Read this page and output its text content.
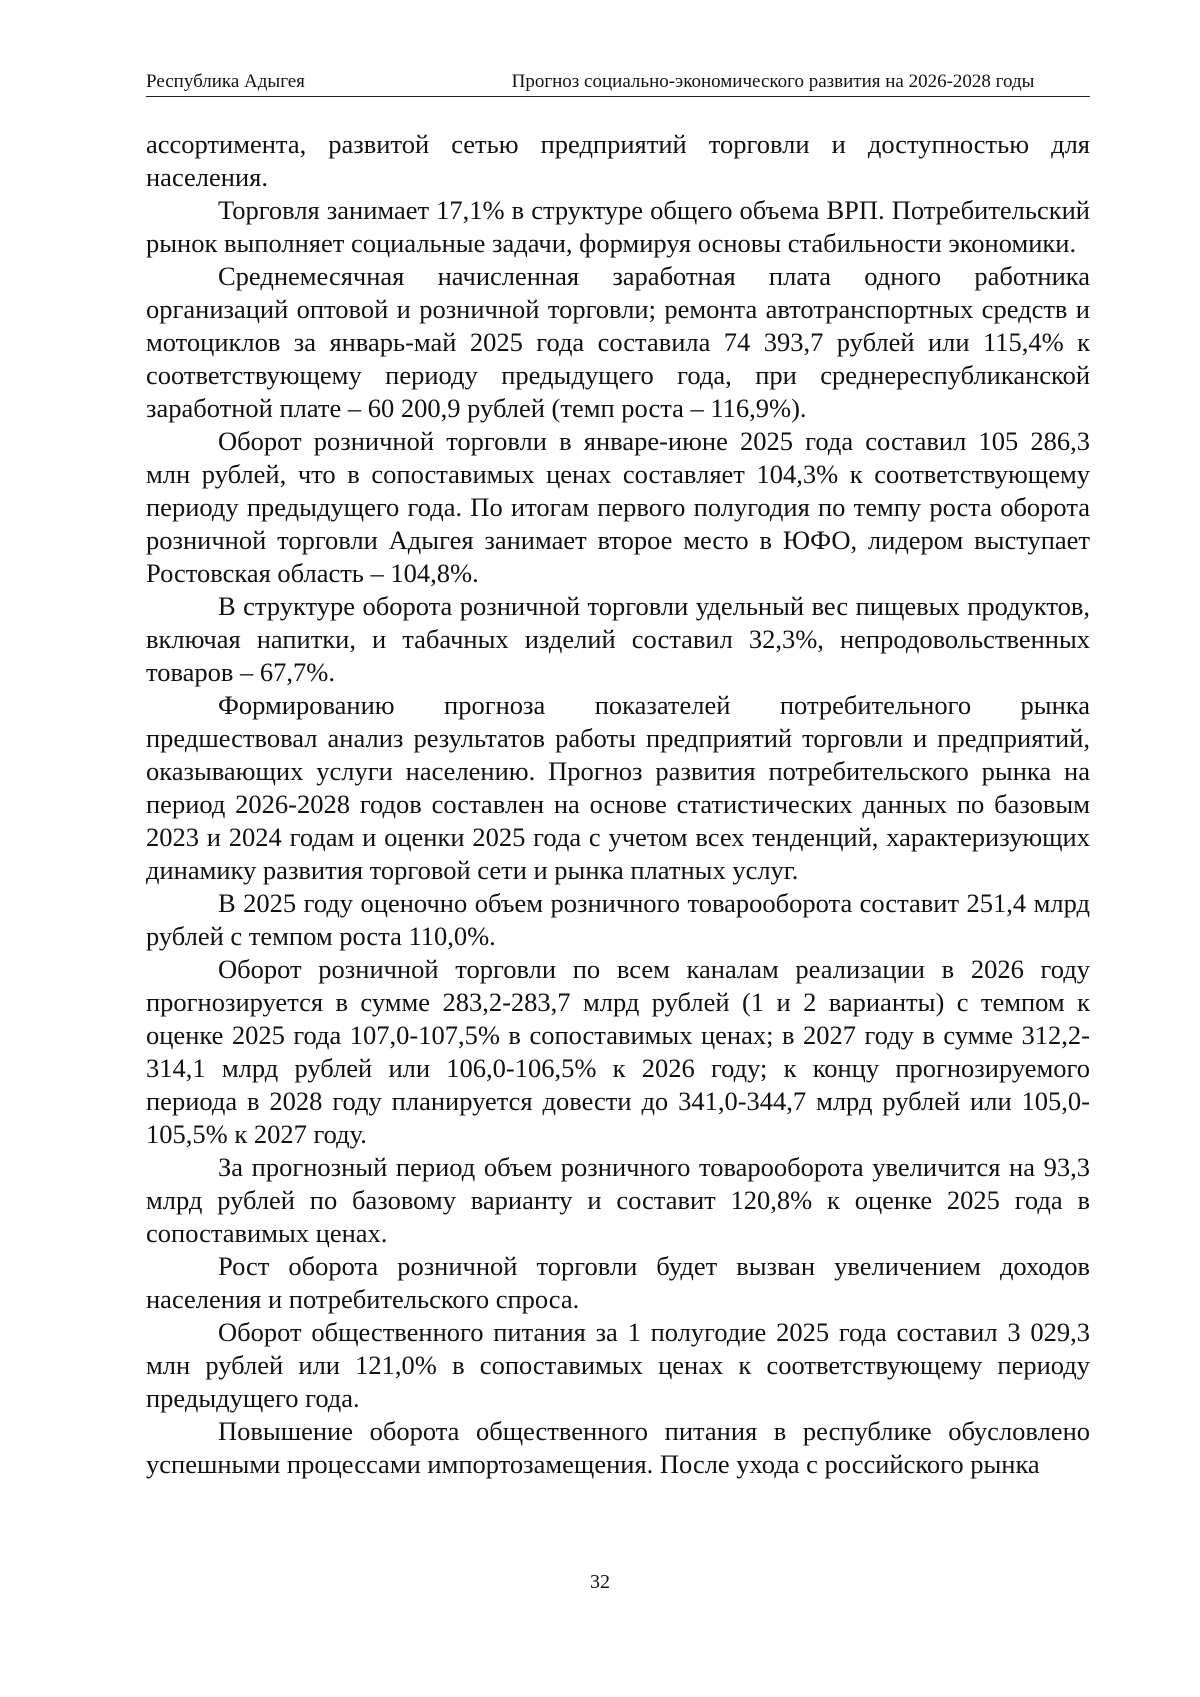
Республика Адыгея	Прогноз социально-экономического развития на 2026-2028 годы

ассортимента, развитой сетью предприятий торговли и доступностью для населения.

Торговля занимает 17,1% в структуре общего объема ВРП. Потребительский рынок выполняет социальные задачи, формируя основы стабильности экономики.

Среднемесячная начисленная заработная плата одного работника организаций оптовой и розничной торговли; ремонта автотранспортных средств и мотоциклов за январь-май 2025 года составила 74 393,7 рублей или 115,4% к соответствующему периоду предыдущего года, при среднереспубликанской заработной плате – 60 200,9 рублей (темп роста – 116,9%).

Оборот розничной торговли в январе-июне 2025 года составил 105 286,3 млн рублей, что в сопоставимых ценах составляет 104,3% к соответствующему периоду предыдущего года. По итогам первого полугодия по темпу роста оборота розничной торговли Адыгея занимает второе место в ЮФО, лидером выступает Ростовская область – 104,8%.

В структуре оборота розничной торговли удельный вес пищевых продуктов, включая напитки, и табачных изделий составил 32,3%, непродовольственных товаров – 67,7%.

Формированию прогноза показателей потребительного рынка предшествовал анализ результатов работы предприятий торговли и предприятий, оказывающих услуги населению. Прогноз развития потребительского рынка на период 2026-2028 годов составлен на основе статистических данных по базовым 2023 и 2024 годам и оценки 2025 года с учетом всех тенденций, характеризующих динамику развития торговой сети и рынка платных услуг.

В 2025 году оценочно объем розничного товарооборота составит 251,4 млрд рублей с темпом роста 110,0%.

Оборот розничной торговли по всем каналам реализации в 2026 году прогнозируется в сумме 283,2-283,7 млрд рублей (1 и 2 варианты) с темпом к оценке 2025 года 107,0-107,5% в сопоставимых ценах; в 2027 году в сумме 312,2-314,1 млрд рублей или 106,0-106,5% к 2026 году; к концу прогнозируемого периода в 2028 году планируется довести до 341,0-344,7 млрд рублей или 105,0-105,5% к 2027 году.

За прогнозный период объем розничного товарооборота увеличится на 93,3 млрд рублей по базовому варианту и составит 120,8% к оценке 2025 года в сопоставимых ценах.

Рост оборота розничной торговли будет вызван увеличением доходов населения и потребительского спроса.

Оборот общественного питания за 1 полугодие 2025 года составил 3 029,3 млн рублей или 121,0% в сопоставимых ценах к соответствующему периоду предыдущего года.

Повышение оборота общественного питания в республике обусловлено успешными процессами импортозамещения. После ухода с российского рынка

32
